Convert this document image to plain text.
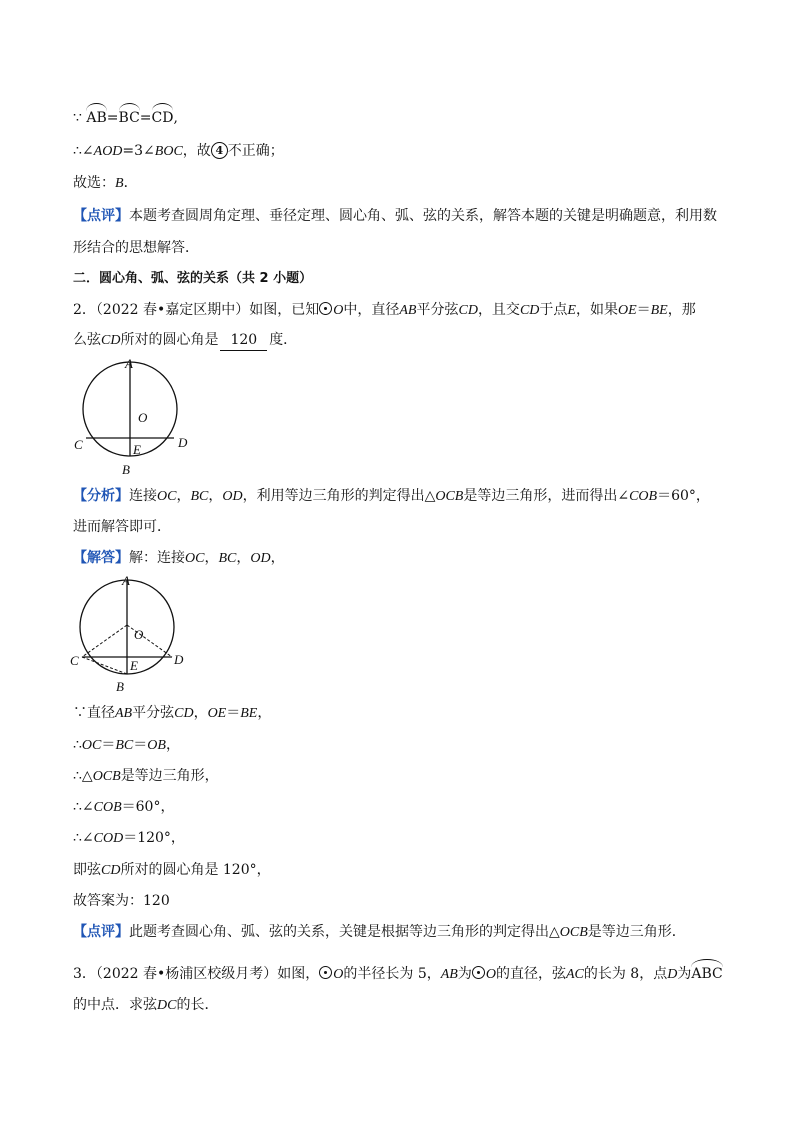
∵ AB=BC=CD,
∴∠AOD=3∠BOC，故 4 不正确；
故选：B．
【点评】本题考查圆周角定理、垂径定理、圆心角、弧、弦的关系，解答本题的关键是明确题意，利用数
形结合的思想解答．
二．圆心角、弧、弦的关系（共 2 小题）
2．（2022 春•嘉定区期中）如图，已知 O中，直径AB平分弦CD，且交CD于点E，如果OE＝BE，那
么弦CD所对的圆心角是 120 度．
A
O
C	E	D
B
【分析】连接OC，BC，OD，利用等边三角形的判定得出△OCB是等边三角形，进而得出∠COB＝60°，
进而解答即可．
【解答】解：连接OC，BC，OD，
A
O
C	E	D
B
∵直径AB平分弦CD，OE＝BE，
∴OC＝BC＝OB，
∴△OCB是等边三角形，
∴∠COB＝60°，
∴∠COD＝120°，
即弦CD所对的圆心角是 120°，
故答案为：120
【点评】此题考查圆心角、弧、弦的关系，关键是根据等边三角形的判定得出△OCB是等边三角形．
3．（2022 春•杨浦区校级月考）如图， O的半径长为 5，AB为 O的直径，弦AC的长为 8，点D为ABC
的中点．求弦DC的长．
